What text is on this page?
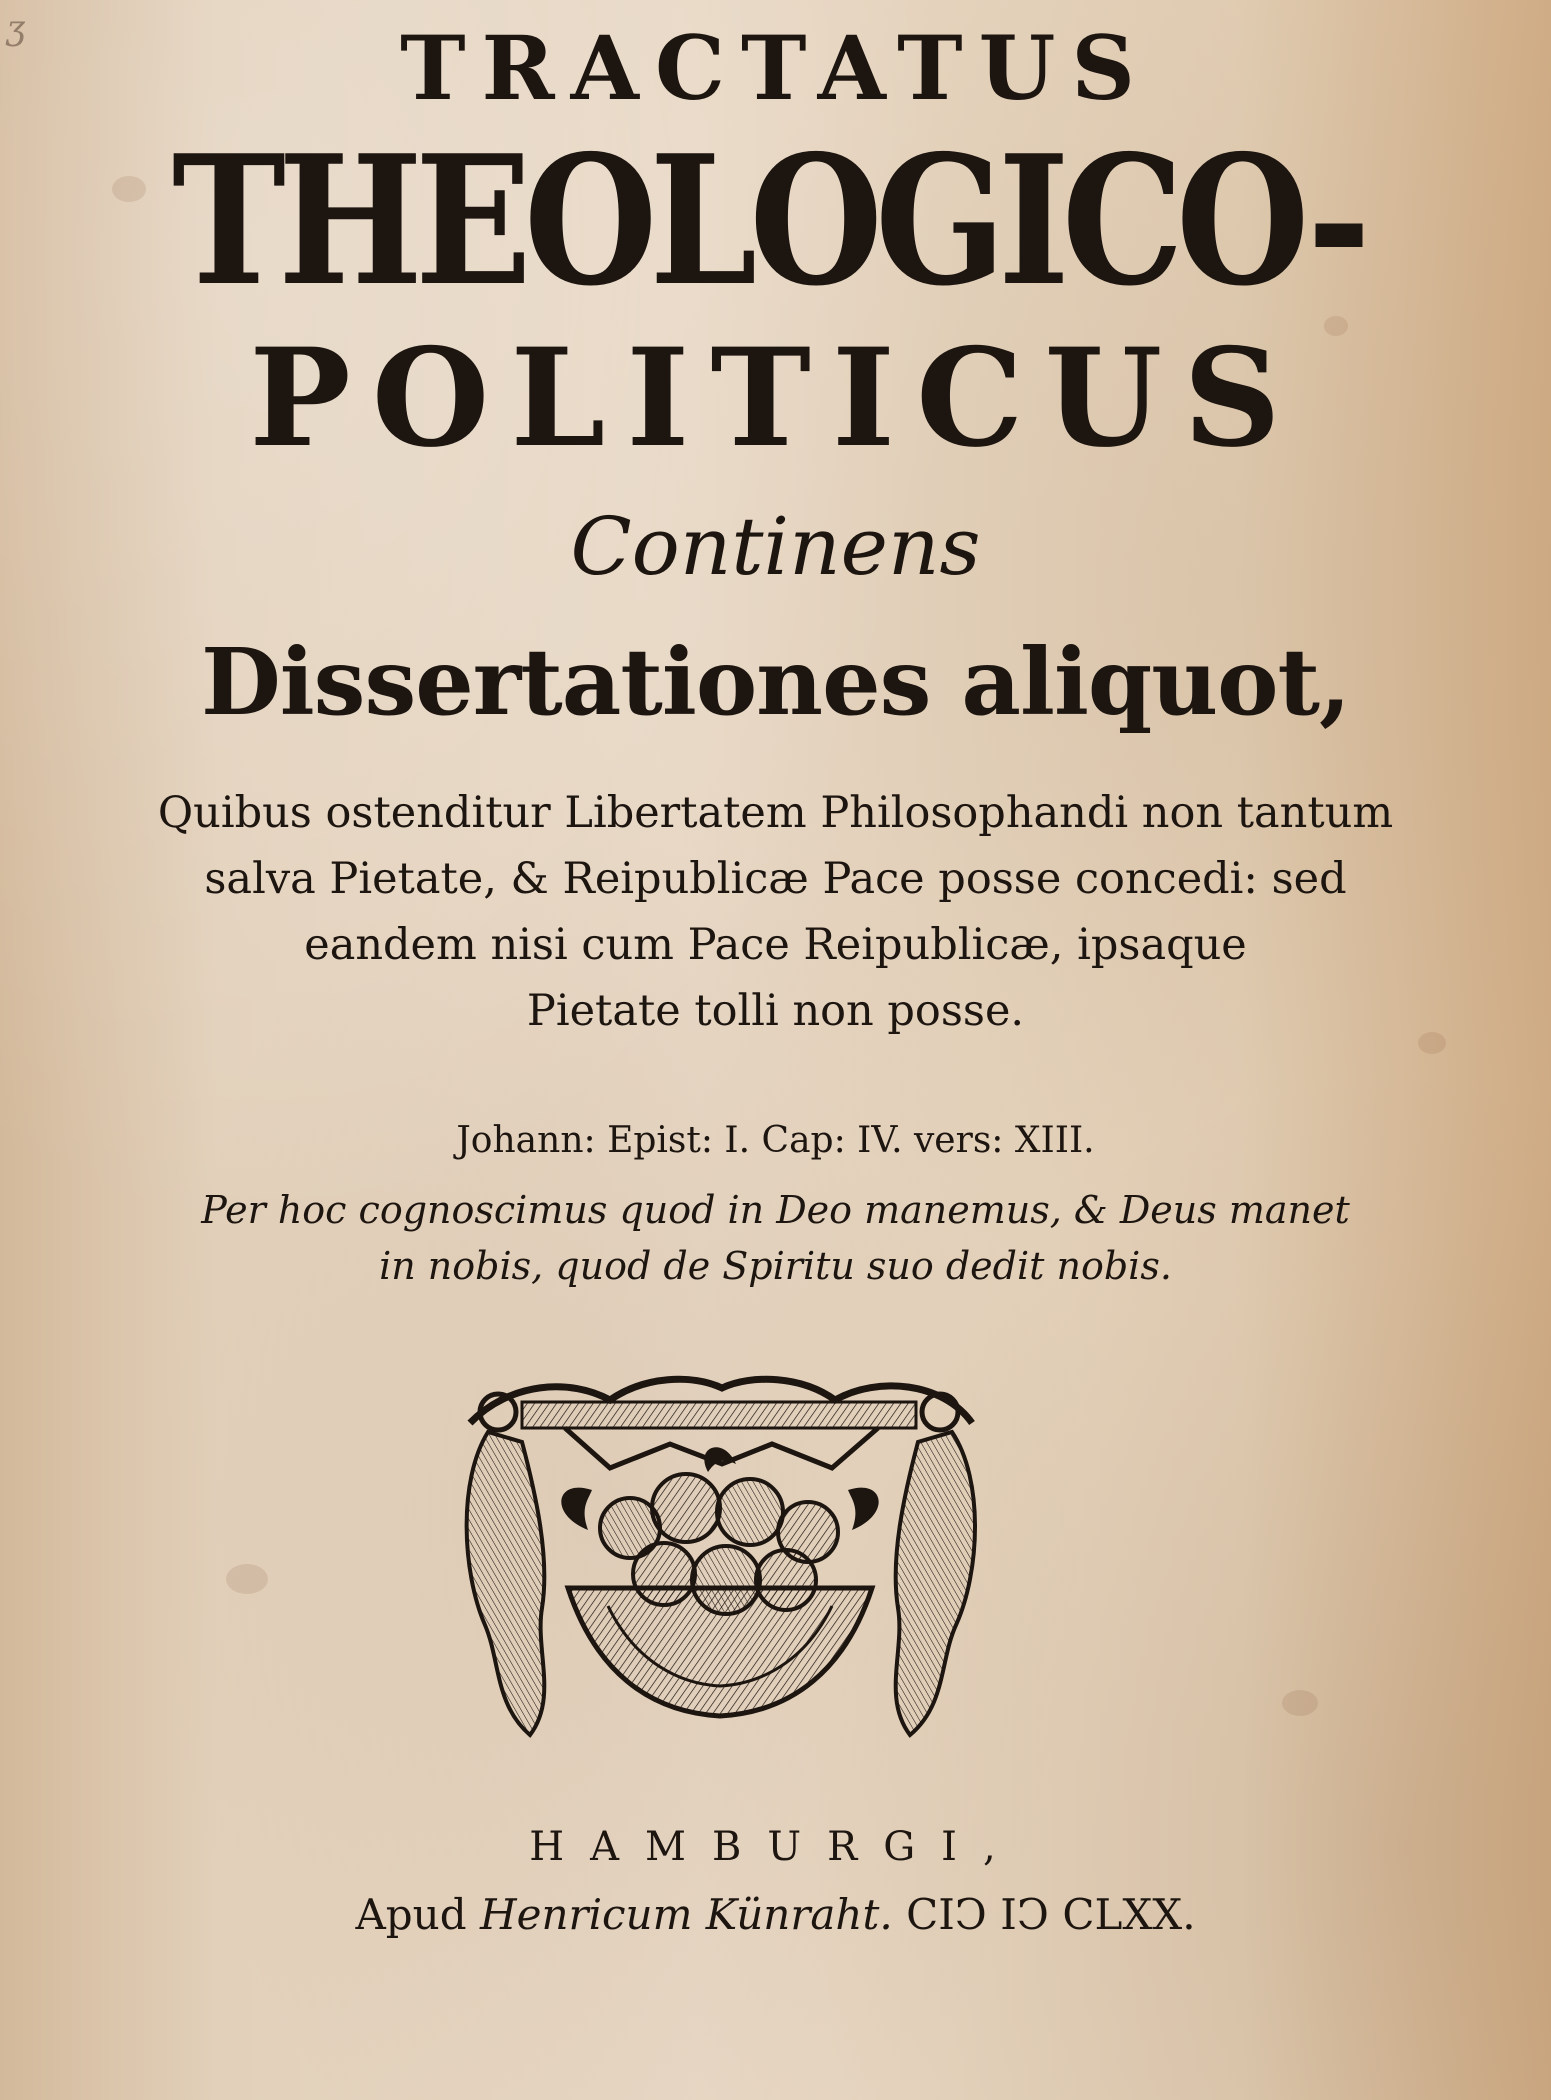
ʒ	TRACTATUS
THEOLOGICO-
POLITICUS
Continens
Dissertationes aliquot,
Quibus ostenditur Libertatem Philosophandi non tantum
salva Pietate, & Reipublicæ Pace posse concedi: sed
eandem nisi cum Pace Reipublicæ, ipsaque
Pietate tolli non posse.
Johann: Epist: I. Cap: IV. vers: XIII.
Per hoc cognoscimus quod in Deo manemus, & Deus manet
in nobis, quod de Spiritu suo dedit nobis.
HAMBURGI,
Apud Henricum Künraht. CIↃ IↃ CLXX.
